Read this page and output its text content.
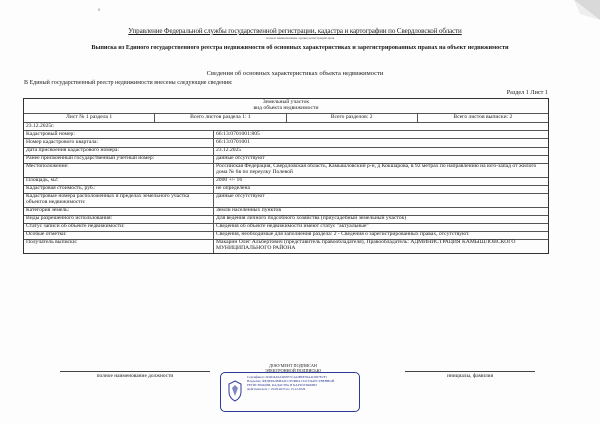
Управление Федеральной службы государственной регистрации, кадастра и картографии по Свердловской области
полное наименование органа регистрации прав
Выписка из Единого государственного реестра недвижимости об основных характеристиках и зарегистрированных правах на объект недвижимости
Сведения об основных характеристиках объекта недвижимости
В Единый государственный реестр недвижимости внесены следующие сведения:
Раздел 1 Лист 1
Земельный участок
вид объекта недвижимости
Лист № 1 раздела 1	Всего листов раздела 1: 1	Всего разделов: 2	Всего листов выписки: 2
23.12.2025г.
Кадастровый номер:	66:13:0701001:805
Номер кадастрового квартала:	66:13:0701001
Дата присвоения кадастрового номера:	23.12.2025
Ранее присвоенный государственный учетный номер:	данные отсутствуют
Местоположение:	Российская Федерация, Свердловская область, Камышловский р-н, д Кокшарова, в 92 метрах по направлению на юго-запад от жилого дома № 6в по переулку Полевой
Площадь, м2:	2000 +/- 16
Кадастровая стоимость, руб.:	не определена
Кадастровые номера расположенных в пределах земельного участка объектов недвижимости:
данные отсутствуют
Категория земель:	Земли населенных пунктов
Виды разрешенного использования:	Для ведения личного подсобного хозяйства (приусадебный земельный участок)
Статус записи об объекте недвижимости:	Сведения об объекте недвижимости имеют статус "актуальные"
Особые отметки:	Сведения, необходимые для заполнения раздела: 2 - Сведения о зарегистрированных правах, отсутствуют.
Получатель выписки:	Макарин Олег Альбертович (представитель правообладателя), Правообладатель: АДМИНИСТРАЦИЯ КАМЫШЛОВСКОГО МУНИЦИПАЛЬНОГО РАЙОНА
полное наименование должности
ДОКУМЕНТ ПОДПИСАН
ЭЛЕКТРОННОЙ ПОДПИСЬЮ
Сертификат: 2D4D4A9AD03E7C4A2B6E59A4C8D7E2F1
Владелец: ФЕДЕРАЛЬНАЯ СЛУЖБА ГОСУДАРСТВЕННОЙ
РЕГИСТРАЦИИ, КАДАСТРА И КАРТОГРАФИИ
Действителен: с 19.09.2025 по 13.12.2026
инициалы, фамилия
в
